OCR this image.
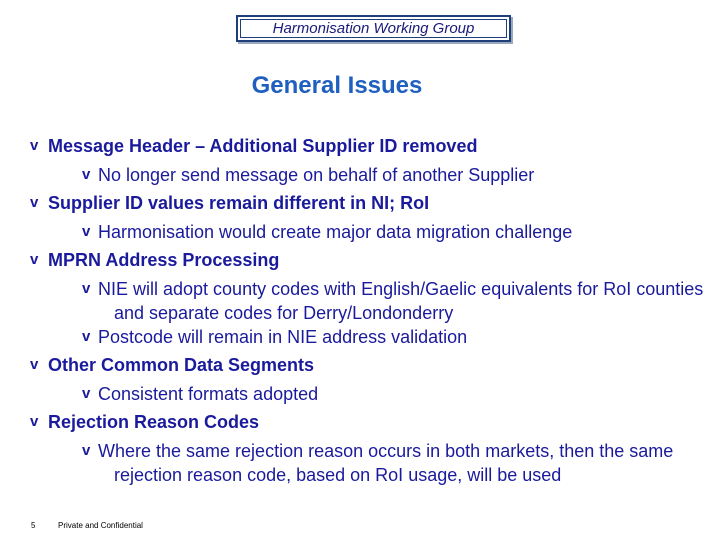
Harmonisation Working Group
General Issues
v Message Header – Additional Supplier ID removed
v No longer send message on behalf of another Supplier
v Supplier ID values remain different in NI; RoI
v Harmonisation would create major data migration challenge
v MPRN Address Processing
v NIE will adopt county codes with English/Gaelic equivalents for RoI counties and separate codes for Derry/Londonderry
v Postcode will remain in NIE address validation
v Other Common Data Segments
v Consistent formats adopted
v Rejection Reason Codes
v Where the same rejection reason occurs in both markets, then the same rejection reason code, based on RoI usage, will be used
5	Private and Confidential
